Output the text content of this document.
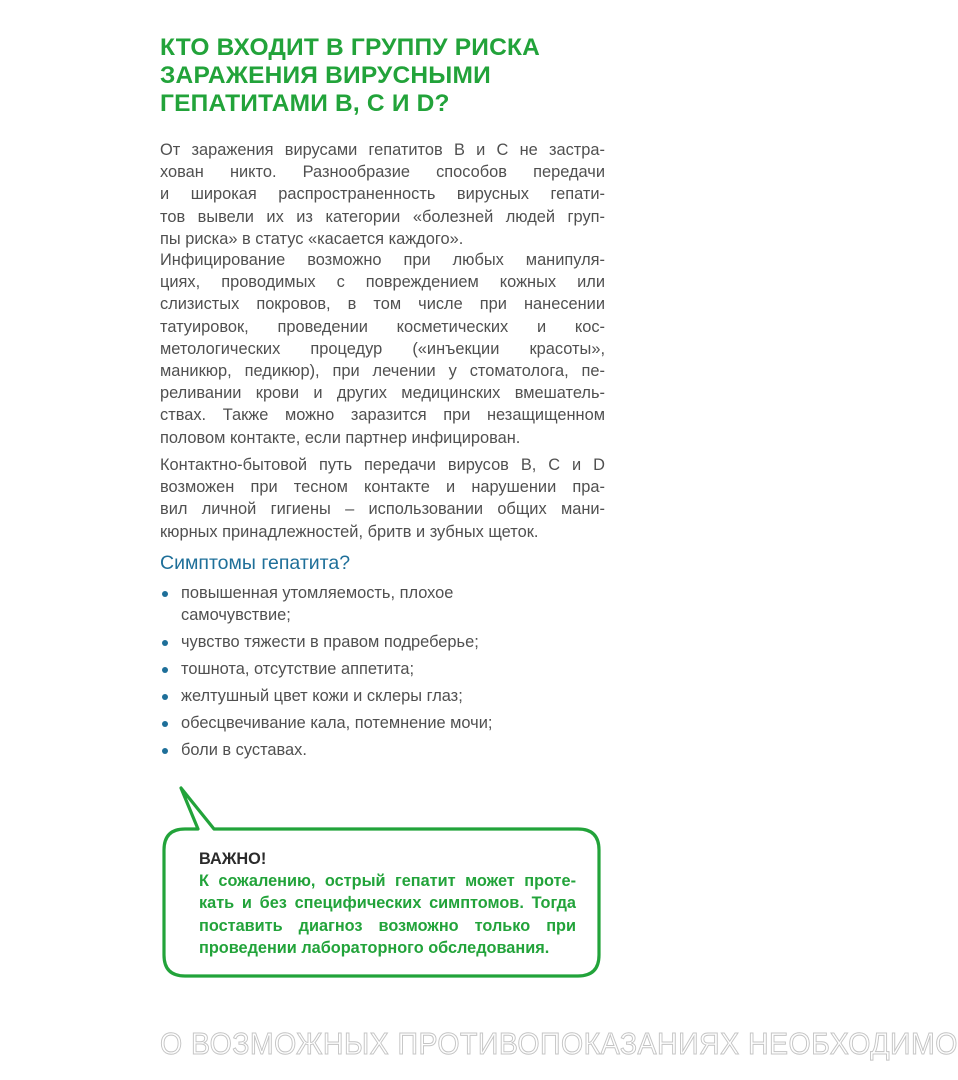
КТО ВХОДИТ В ГРУППУ РИСКА
ЗАРАЖЕНИЯ ВИРУСНЫМИ
ГЕПАТИТАМИ В, С И D?

От заражения вирусами гепатитов В и С не застра-
хован никто. Разнообразие способов передачи
и широкая распространенность вирусных гепати-
тов вывели их из категории «болезней людей груп-
пы риска» в статус «касается каждого».

Инфицирование возможно при любых манипуля-
циях, проводимых с повреждением кожных или
слизистых покровов, в том числе при нанесении
татуировок, проведении косметических и кос-
метологических процедур («инъекции красоты»,
маникюр, педикюр), при лечении у стоматолога, пе-
реливании крови и других медицинских вмешатель-
ствах. Также можно заразится при незащищенном
половом контакте, если партнер инфицирован.

Контактно-бытовой путь передачи вирусов В, С и D
возможен при тесном контакте и нарушении пра-
вил личной гигиены – использовании общих мани-
кюрных принадлежностей, бритв и зубных щеток.

Симптомы гепатита?
повышенная утомляемость, плохое
самочувствие;
чувство тяжести в правом подреберье;
тошнота, отсутствие аппетита;
желтушный цвет кожи и склеры глаз;
обесцвечивание кала, потемнение мочи;
боли в суставах.

ВАЖНО!

К сожалению, острый гепатит может проте-
кать и без специфических симптомов. Тогда
поставить диагноз возможно только при
проведении лабораторного обследования.

О ВОЗМОЖНЫХ ПРОТИВОПОКАЗАНИЯХ НЕОБХОДИМО
